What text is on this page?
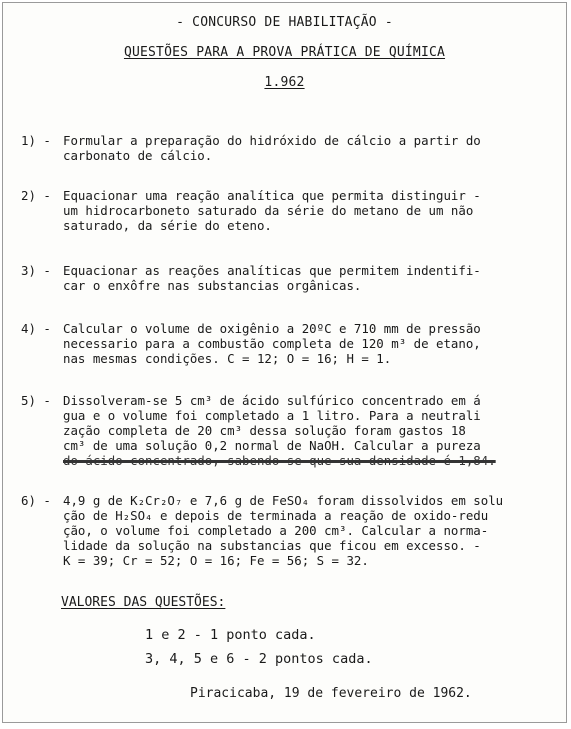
- CONCURSO DE HABILITAÇÃO -
QUESTÕES PARA A PROVA PRÁTICA DE QUÍMICA
1.962
1) - Formular a preparação do hidróxido de cálcio a partir do
carbonato de cálcio.
2) - Equacionar uma reação analítica que permita distinguir -
um hidrocarboneto saturado da série do metano de um não
saturado, da série do eteno.
3) - Equacionar as reações analíticas que permitem indentifi-
car o enxôfre nas substancias orgânicas.
4) - Calcular o volume de oxigênio a 20ºC e 710 mm de pressão
necessario para a combustão completa de 120 m³ de etano,
nas mesmas condições. C = 12; O = 16; H = 1.
5) - Dissolveram-se 5 cm³ de ácido sulfúrico concentrado em á
gua e o volume foi completado a 1 litro. Para a neutrali
zação completa de 20 cm³ dessa solução foram gastos 18
cm³ de uma solução 0,2 normal de NaOH. Calcular a pureza
do ácido concentrado, sabendo-se que sua densidade é 1,84.
6) - 4,9 g de K₂Cr₂O₇ e 7,6 g de FeSO₄ foram dissolvidos em solu
ção de H₂SO₄ e depois de terminada a reação de oxido-redu
ção, o volume foi completado a 200 cm³. Calcular a norma-
lidade da solução na substancias que ficou em excesso. -
K = 39; Cr = 52; O = 16; Fe = 56; S = 32.
VALORES DAS QUESTÕES:
1 e 2 - 1 ponto cada.
3, 4, 5 e 6 - 2 pontos cada.
Piracicaba, 19 de fevereiro de 1962.
